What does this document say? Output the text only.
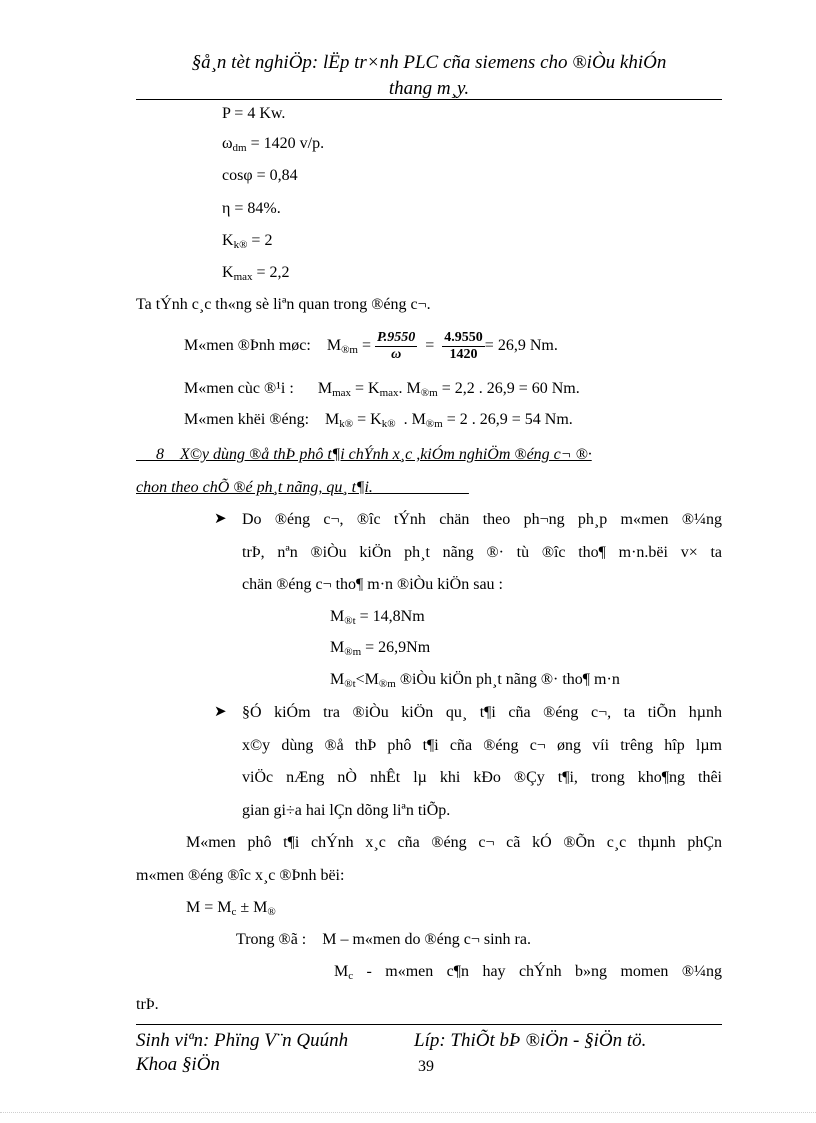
§å¸n tèt nghiÖp: lËp tr×nh PLC cña siemens cho ®iÒu khiÓn
thang m¸y.
P = 4 Kw.
$\omega_{dm} = 1420$ v/p.
cosφ = 0,84
η = 84%.
$K_{k®} = 2$
$K_{max} = 2,2$
Ta tÝnh c¸c th«ng sè liªn quan trong ®éng c¬.
M«men ®Þnh møc: $M_{®m} = \frac{P.9550}{\omega} = \frac{4.9550}{1420} = 26,9$ Nm.
M«men cùc ®¹i : $M_{max} = K_{max}$. $M_{®m} = 2,2$ . 26,9 = 60 Nm.
M«men khëi ®éng:    $M_{k®} = K_{k®}$  . $M_{®m} = 2$ . 26,9 = 54 Nm.
8 X©y dùng ®å thÞ phô t¶i chÝnh x¸c ,kiÓm nghiÖm ®éng c¬ ®·
chon theo chÕ ®é ph¸t nãng, qu¸ t¶i.
➤ Do ®éng c¬, ®îc tÝnh chän theo ph¬ng ph¸p m«men ®¼ng
trÞ, nªn ®iÒu kiÖn ph¸t nãng ®· tù ®îc tho¶ m·n.bëi v× ta
chän ®éng c¬ tho¶ m·n ®iÒu kiÖn sau :
$M_{®t} = 14,8Nm$
$M_{®m} = 26,9Nm$
$M_{®t}<M_{®m}$ ®iÒu kiÖn ph¸t nãng ®· tho¶ m·n
➤ §Ó kiÓm tra ®iÒu kiÖn qu¸ t¶i cña ®éng c¬, ta tiÕn hµnh
x©y dùng ®å thÞ phô t¶i cña ®éng c¬ øng víi trêng hîp lµm
viÖc nÆng nÒ nhÊt lµ khi kÐo ®Çy t¶i, trong kho¶ng thêi
gian gi÷a hai lÇn dõng liªn tiÕp.
M«men phô t¶i chÝnh x¸c cña ®éng c¬ cã kÓ ®Õn c¸c thµnh phÇn
m«men ®éng ®îc x¸c ®Þnh bëi:
$M = M_c \pm M_®$
Trong ®ã : M – m«men do ®éng c¬ sinh ra.
$M_c$ - m«men c¶n hay chÝnh b»ng momen ®¼ng
trÞ.
Sinh viªn: Phïng V¨n Quúnh	Líp: ThiÕt bÞ ®iÖn - §iÖn tö.
Khoa §iÖn	39
